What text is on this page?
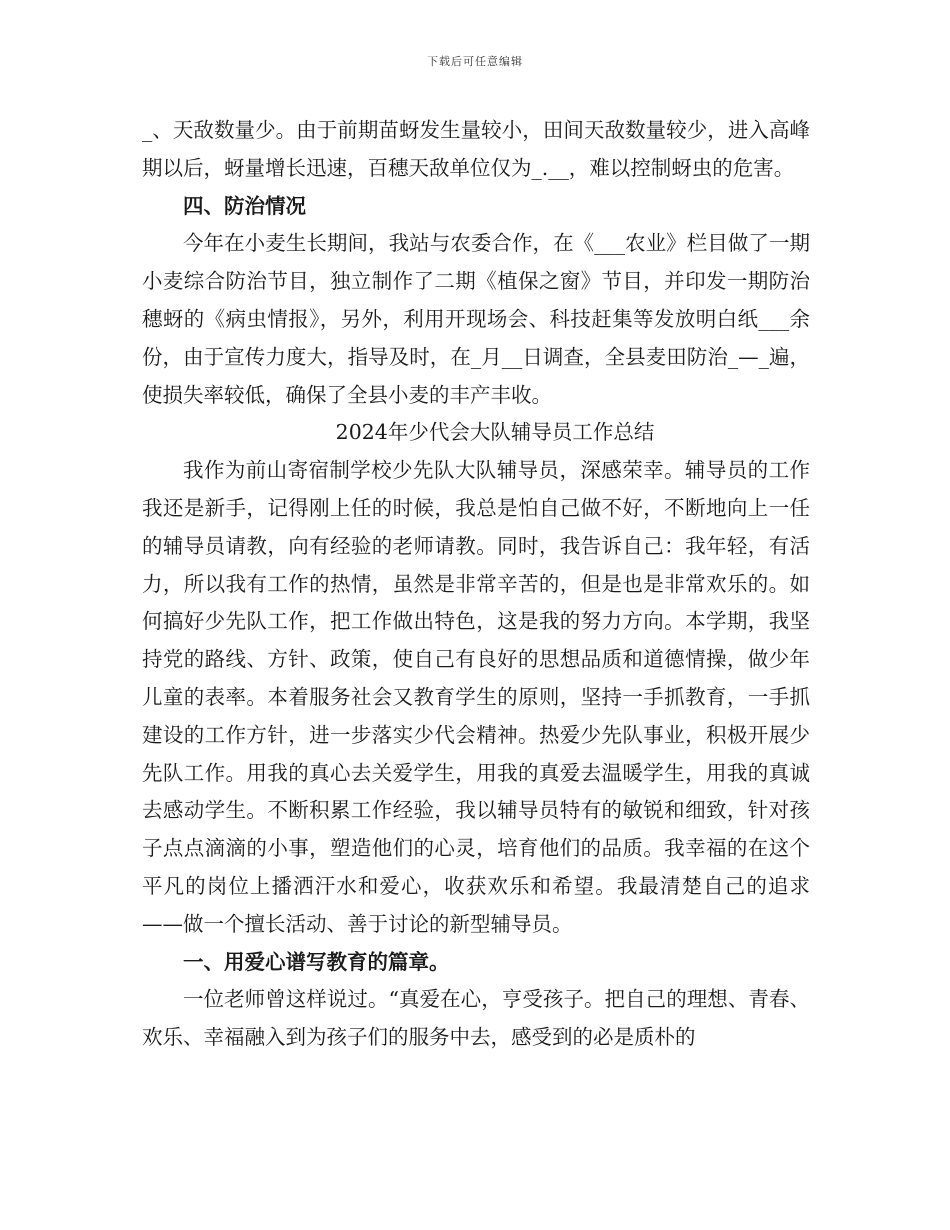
下载后可任意编辑

_、天敌数量少。由于前期苗蚜发生量较小，田间天敌数量较少，进入高峰期以后，蚜量增长迅速，百穗天敌单位仅为_.__，难以控制蚜虫的危害。

四、防治情况

今年在小麦生长期间，我站与农委合作，在《___农业》栏目做了一期小麦综合防治节目，独立制作了二期《植保之窗》节目，并印发一期防治穗蚜的《病虫情报》，另外，利用开现场会、科技赶集等发放明白纸___余份，由于宣传力度大，指导及时，在_月__日调查，全县麦田防治_—_遍，使损失率较低，确保了全县小麦的丰产丰收。

2024年少代会大队辅导员工作总结

我作为前山寄宿制学校少先队大队辅导员，深感荣幸。辅导员的工作我还是新手，记得刚上任的时候，我总是怕自己做不好，不断地向上一任的辅导员请教，向有经验的老师请教。同时，我告诉自己：我年轻，有活力，所以我有工作的热情，虽然是非常辛苦的，但是也是非常欢乐的。如何搞好少先队工作，把工作做出特色，这是我的努力方向。本学期，我坚持党的路线、方针、政策，使自己有良好的思想品质和道德情操，做少年儿童的表率。本着服务社会又教育学生的原则，坚持一手抓教育，一手抓建设的工作方针，进一步落实少代会精神。热爱少先队事业，积极开展少先队工作。用我的真心去关爱学生，用我的真爱去温暖学生，用我的真诚去感动学生。不断积累工作经验，我以辅导员特有的敏锐和细致，针对孩子点点滴滴的小事，塑造他们的心灵，培育他们的品质。我幸福的在这个平凡的岗位上播洒汗水和爱心，收获欢乐和希望。我最清楚自己的追求——做一个擅长活动、善于讨论的新型辅导员。

一、用爱心谱写教育的篇章。

一位老师曾这样说过。“真爱在心，亨受孩子。把自己的理想、青春、欢乐、幸福融入到为孩子们的服务中去，感受到的必是质朴的
